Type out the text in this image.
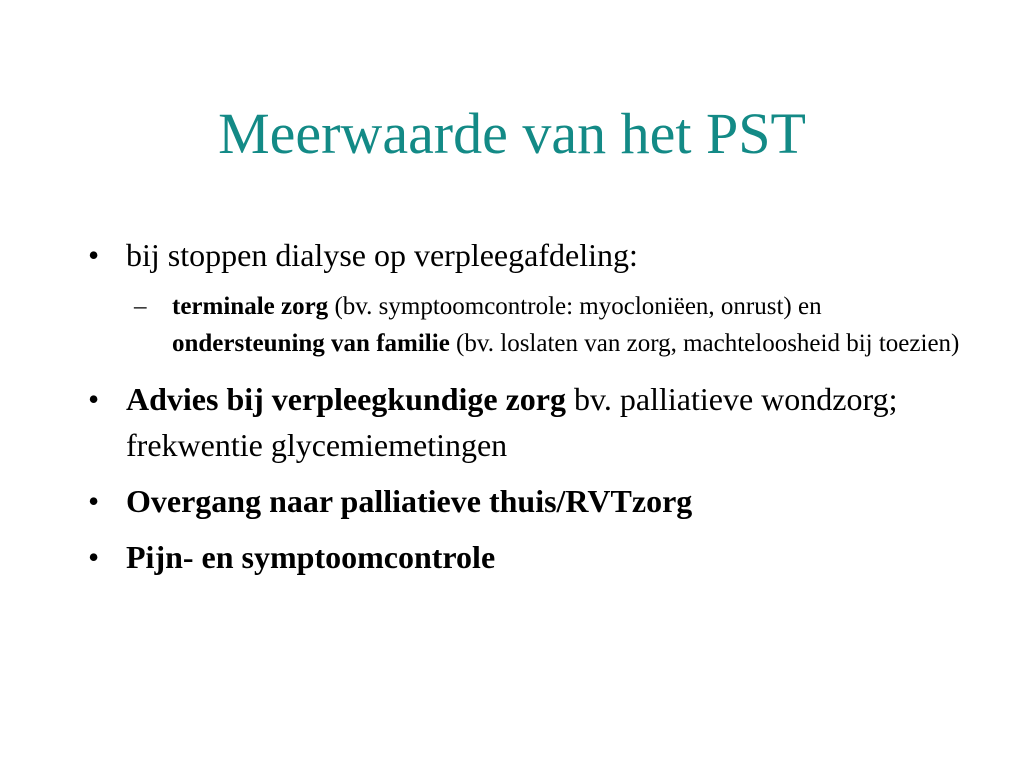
Meerwaarde van het PST
• bij stoppen dialyse op verpleegafdeling:
– terminale zorg (bv. symptoomcontrole: myocloniëen, onrust) en ondersteuning van familie (bv. loslaten van zorg, machteloosheid bij toezien)
• Advies bij verpleegkundige zorg bv. palliatieve wondzorg; frekwentie glycemiemetingen
• Overgang naar palliatieve thuis/RVTzorg
• Pijn- en symptoomcontrole
